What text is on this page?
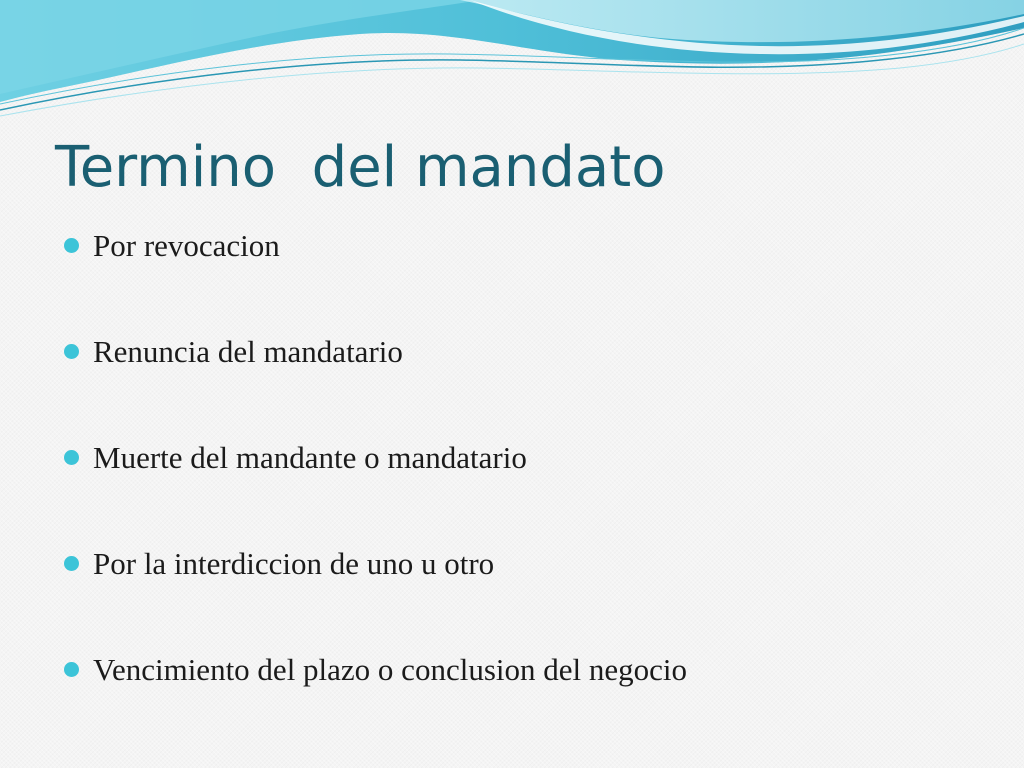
Termino  del mandato
Por revocacion
Renuncia del mandatario
Muerte del mandante o mandatario
Por la interdiccion de uno u otro
Vencimiento del plazo o conclusion del negocio
